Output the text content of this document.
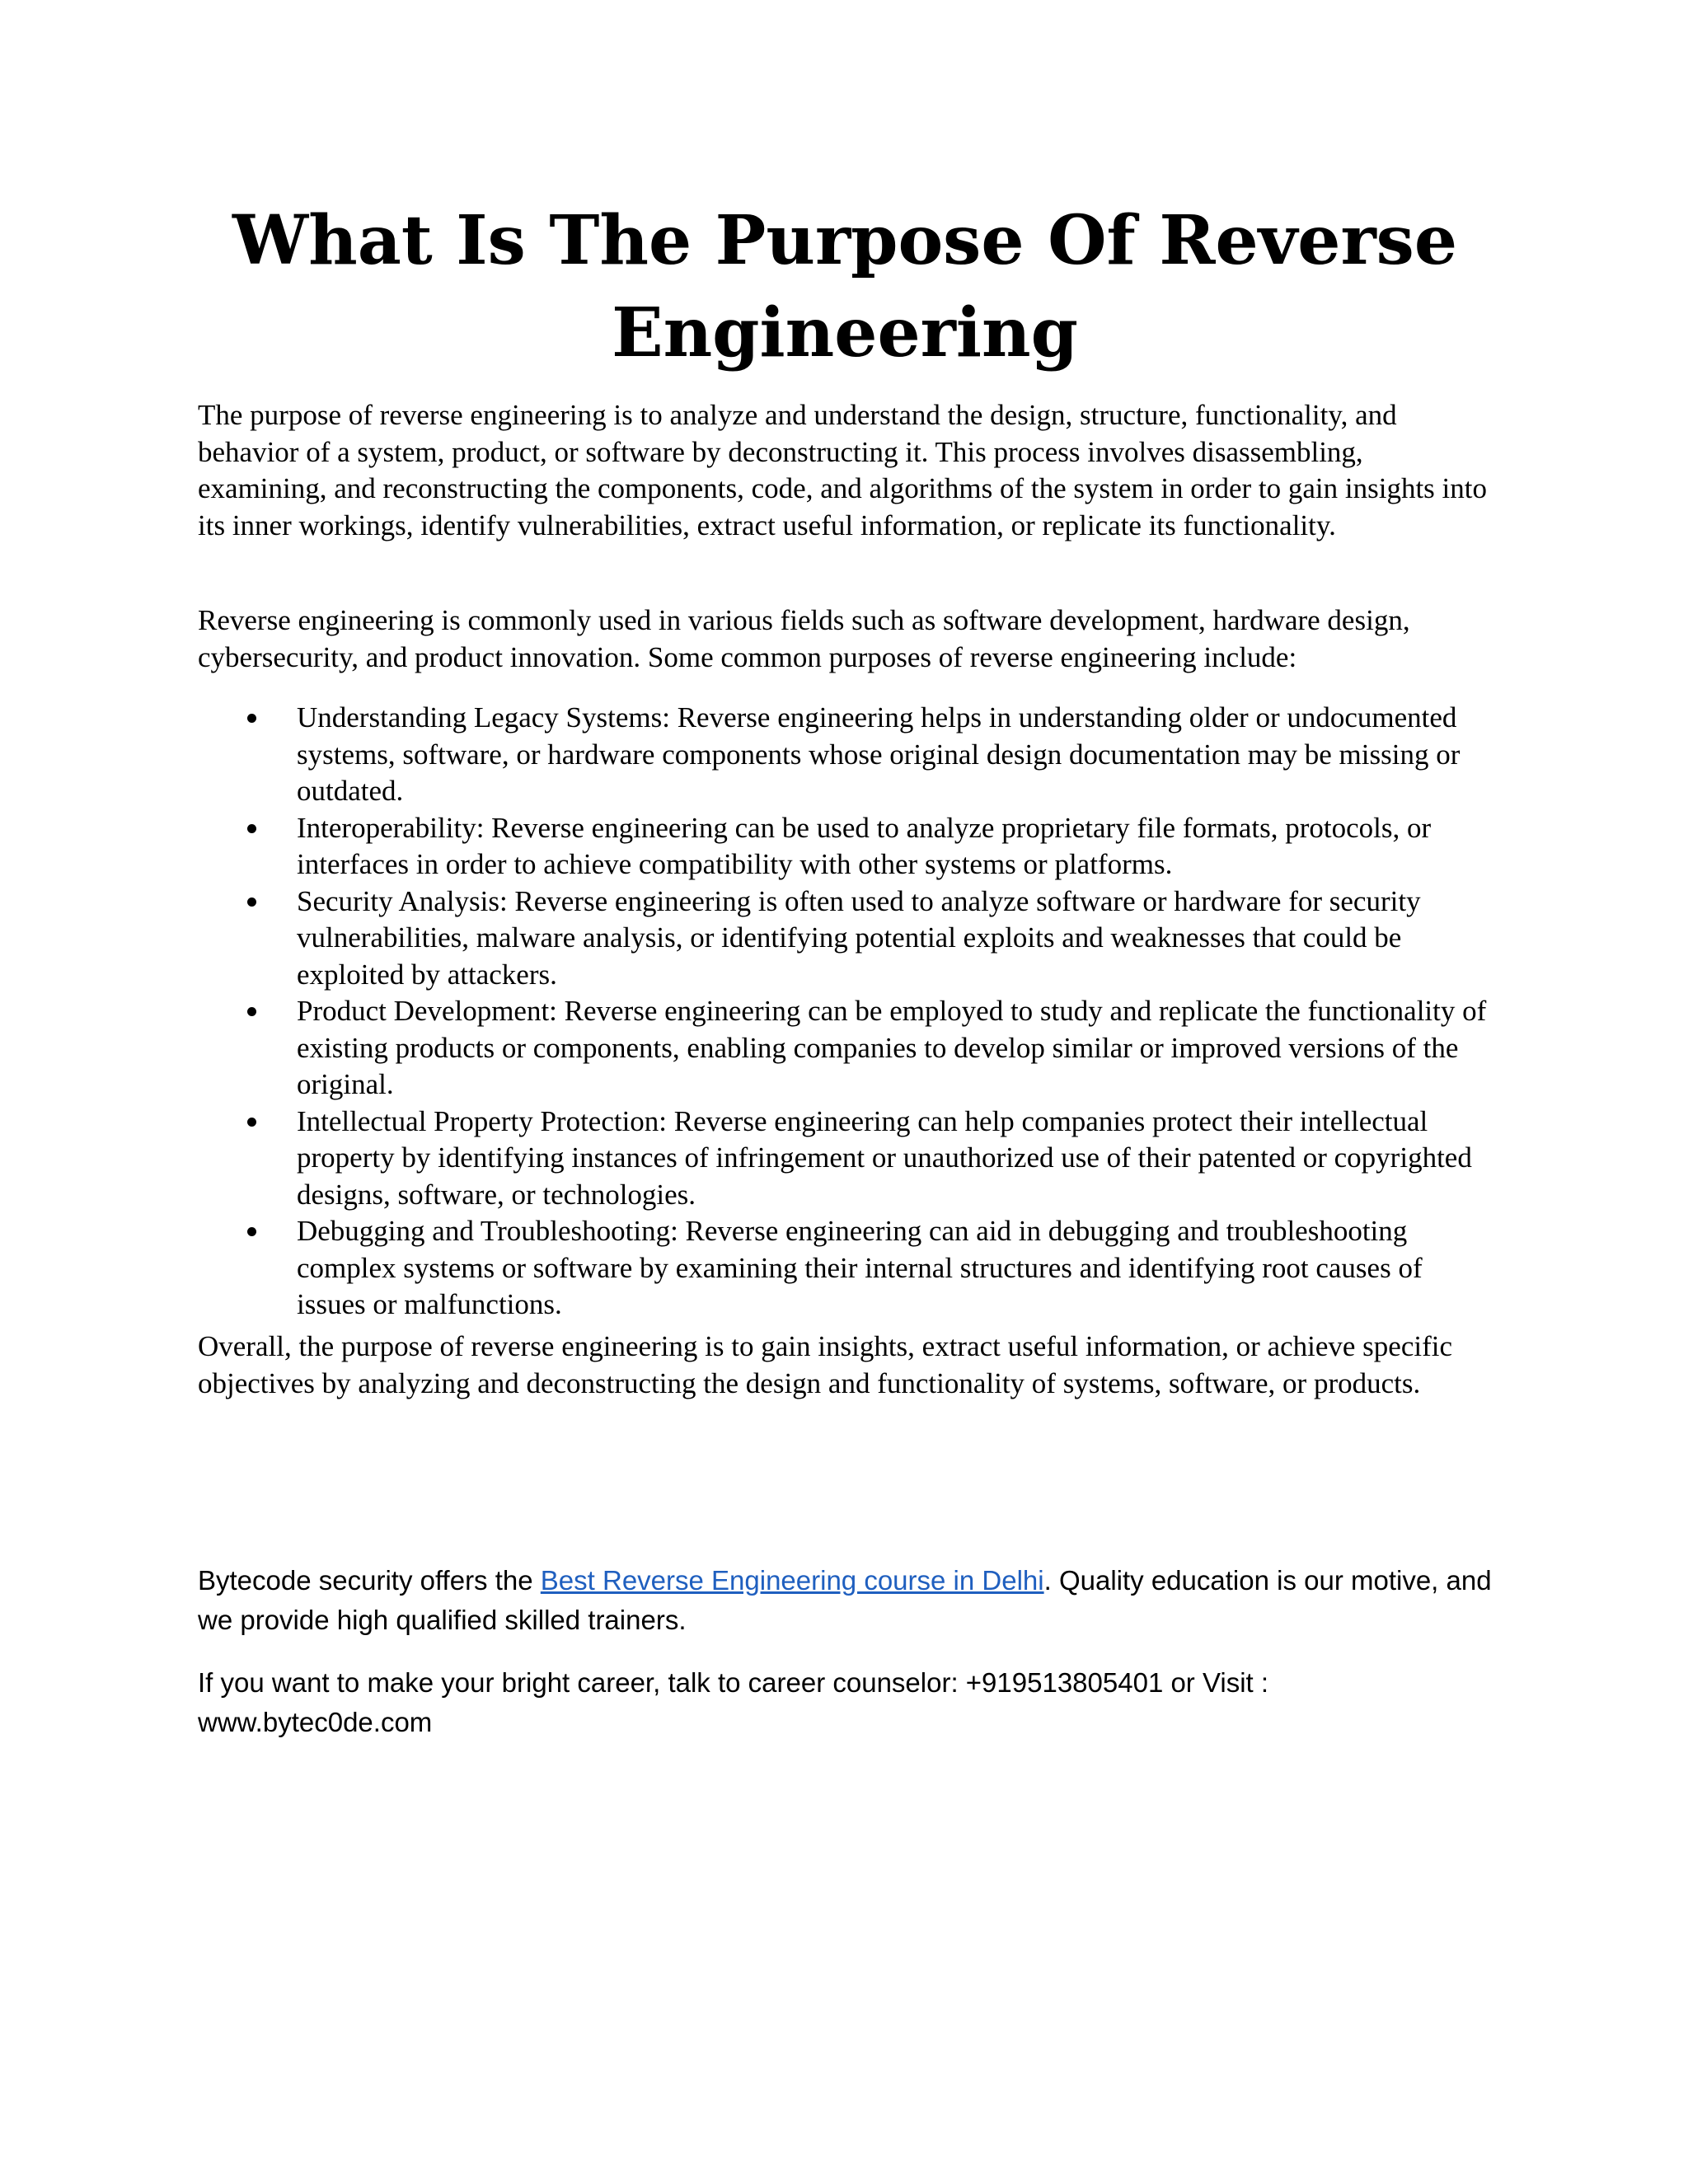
What Is The Purpose Of Reverse Engineering

The purpose of reverse engineering is to analyze and understand the design, structure, functionality, and behavior of a system, product, or software by deconstructing it. This process involves disassembling, examining, and reconstructing the components, code, and algorithms of the system in order to gain insights into its inner workings, identify vulnerabilities, extract useful information, or replicate its functionality.

Reverse engineering is commonly used in various fields such as software development, hardware design, cybersecurity, and product innovation. Some common purposes of reverse engineering include:

Understanding Legacy Systems: Reverse engineering helps in understanding older or undocumented systems, software, or hardware components whose original design documentation may be missing or outdated.
Interoperability: Reverse engineering can be used to analyze proprietary file formats, protocols, or interfaces in order to achieve compatibility with other systems or platforms.
Security Analysis: Reverse engineering is often used to analyze software or hardware for security vulnerabilities, malware analysis, or identifying potential exploits and weaknesses that could be exploited by attackers.
Product Development: Reverse engineering can be employed to study and replicate the functionality of existing products or components, enabling companies to develop similar or improved versions of the original.
Intellectual Property Protection: Reverse engineering can help companies protect their intellectual property by identifying instances of infringement or unauthorized use of their patented or copyrighted designs, software, or technologies.
Debugging and Troubleshooting: Reverse engineering can aid in debugging and troubleshooting complex systems or software by examining their internal structures and identifying root causes of issues or malfunctions.

Overall, the purpose of reverse engineering is to gain insights, extract useful information, or achieve specific objectives by analyzing and deconstructing the design and functionality of systems, software, or products.

Bytecode security offers the Best Reverse Engineering course in Delhi. Quality education is our motive, and we provide high qualified skilled trainers.

If you want to make your bright career, talk to career counselor: +919513805401 or Visit : www.bytec0de.com
